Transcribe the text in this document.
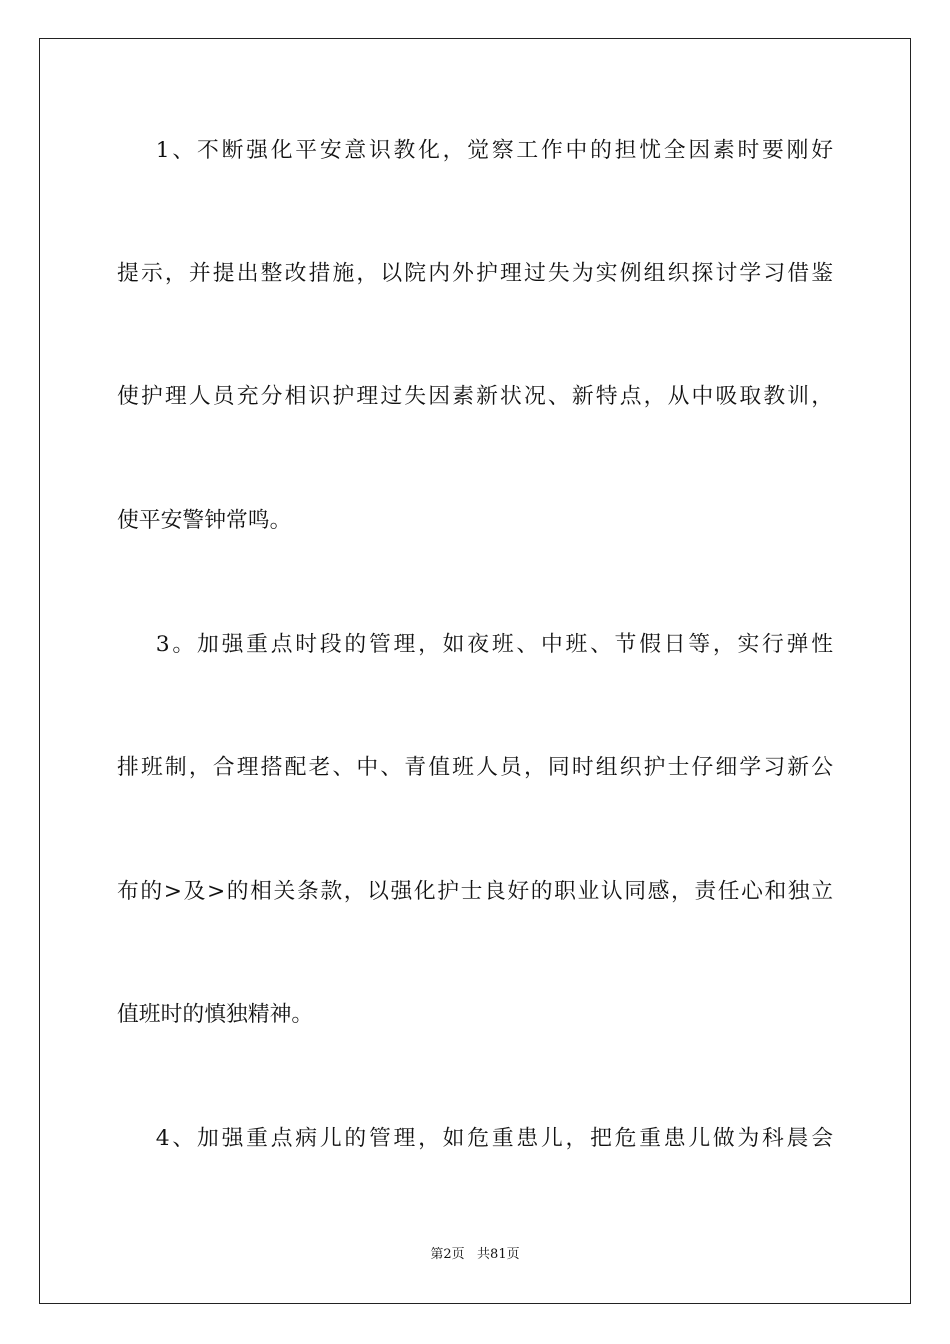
1、不断强化平安意识教化，觉察工作中的担忧全因素时要刚好
提示，并提出整改措施，以院内外护理过失为实例组织探讨学习借鉴
使护理人员充分相识护理过失因素新状况、新特点，从中吸取教训，
使平安警钟常鸣。
3。加强重点时段的管理，如夜班、中班、节假日等，实行弹性
排班制，合理搭配老、中、青值班人员，同时组织护士仔细学习新公
布的>及>的相关条款，以强化护士良好的职业认同感，责任心和独立
值班时的慎独精神。
4、加强重点病儿的管理，如危重患儿，把危重患儿做为科晨会
第2页   共81页
